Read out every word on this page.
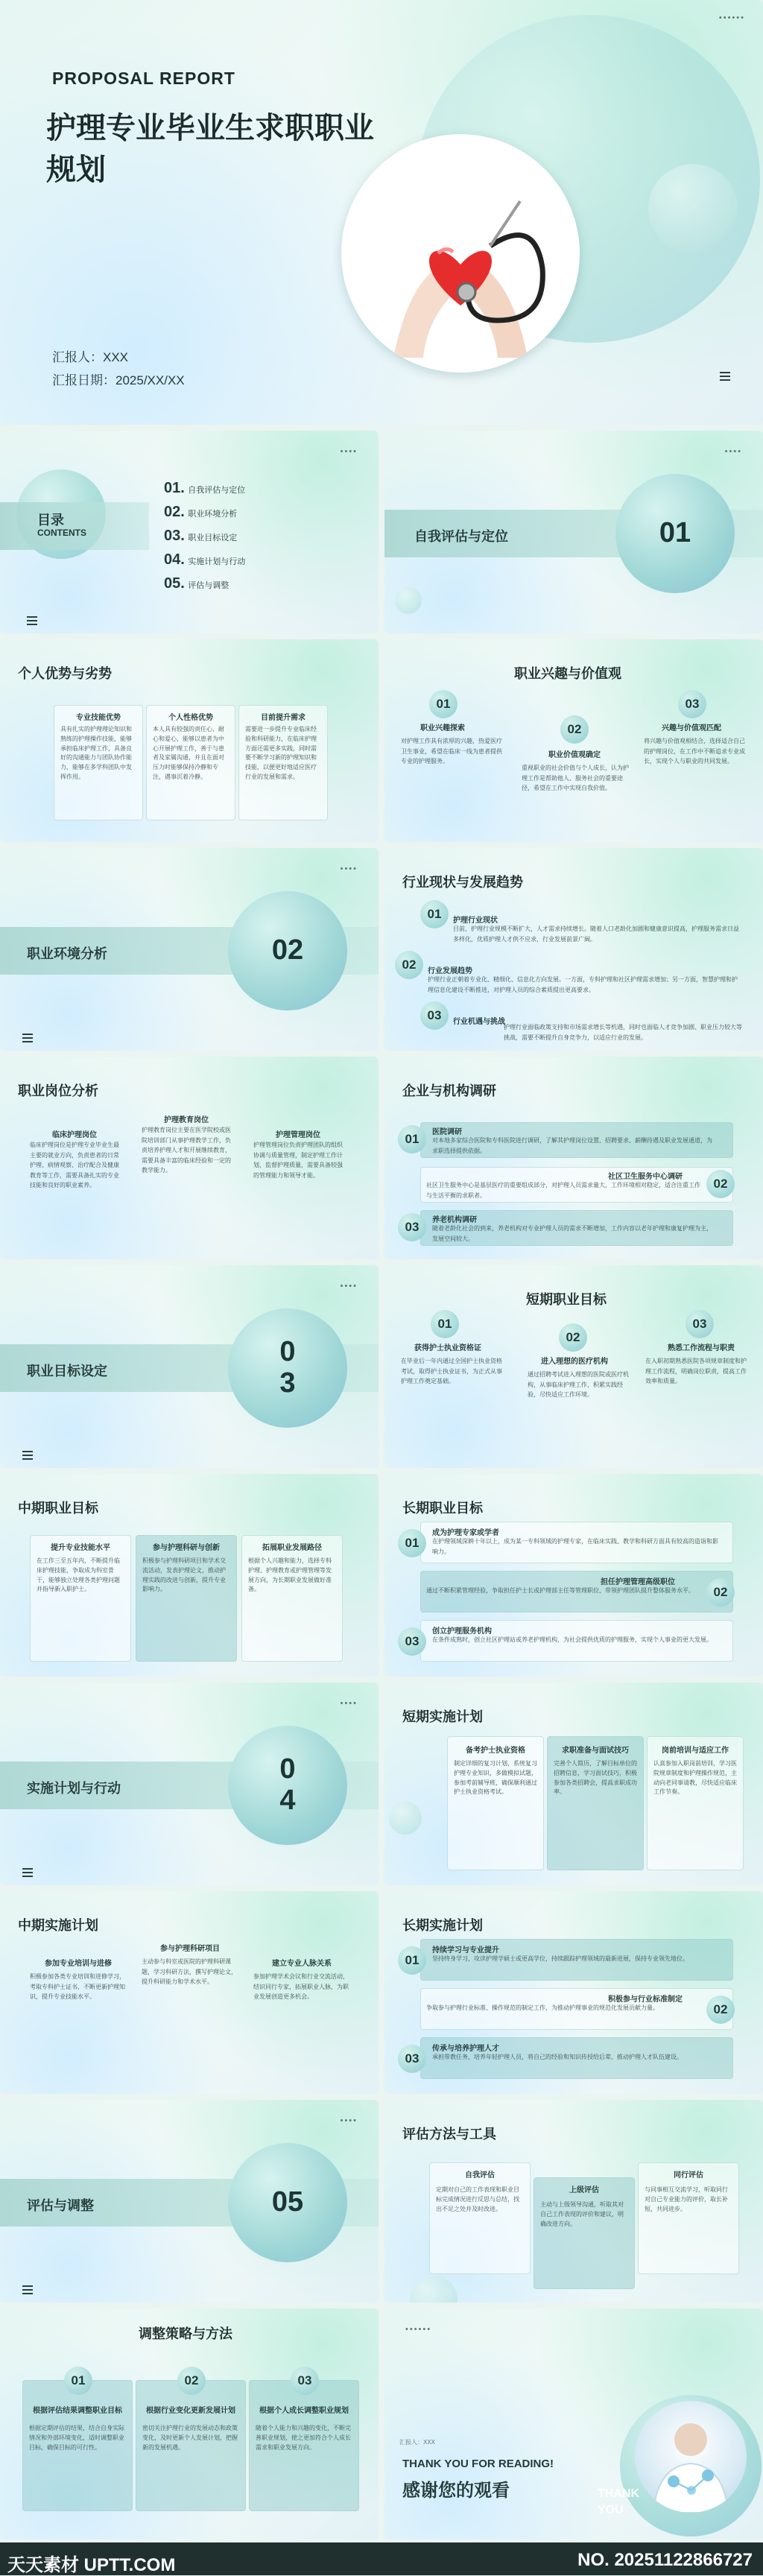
••••••
PROPOSAL REPORT
护理专业毕业生求职职业
规划
汇报人：XXX
汇报日期：2025/XX/XX
目录
CONTENTS
••••
01. 自我评估与定位
02. 职业环境分析
03. 职业目标设定
04. 实施计划与行动
05. 评估与调整
01
自我评估与定位
••••
个人优势与劣势
具有扎实的护理理论知识和熟练的护理操作技能，能够承担临床护理工作，具备良好的沟通能力与团队协作能力，能够在多学科团队中发挥作用。
本人具有较强的责任心、耐心和爱心，能够以患者为中心开展护理工作，善于与患者及家属沟通，并且在面对压力时能够保持冷静和专注，遇事沉着冷静。
需要进一步提升专业临床经验和科研能力，在临床护理方面还需更多实践，同时需要不断学习新的护理知识和技能，以便更好地适应医疗行业的发展和需求。
专业技能优势	个人性格优势	目前提升需求
职业兴趣与价值观
01
02
03
职业兴趣探索
职业价值观确定
兴趣与价值观匹配
对护理工作具有浓厚的兴趣，热爱医疗卫生事业，希望在临床一线为患者提供专业的护理服务。
重视职业的社会价值与个人成长，认为护理工作是帮助他人、服务社会的重要途径，希望在工作中实现自我价值。
将兴趣与价值观相结合，选择适合自己的护理岗位，在工作中不断追求专业成长，实现个人与职业的共同发展。
02
职业环境分析
••••
行业现状与发展趋势
01
02
03
护理行业现状
行业发展趋势
行业机遇与挑战
目前，护理行业规模不断扩大，人才需求持续增长。随着人口老龄化加剧和健康意识提高，护理服务需求日益多样化，优质护理人才供不应求，行业发展前景广阔。
护理行业正朝着专业化、精细化、信息化方向发展。一方面，专科护理和社区护理需求增加；另一方面，智慧护理和护理信息化建设不断推进，对护理人员的综合素质提出更高要求。
护理行业面临政策支持和市场需求增长等机遇，同时也面临人才竞争加剧、职业压力较大等挑战，需要不断提升自身竞争力，以适应行业的发展。
职业岗位分析
临床护理岗位
护理教育岗位
护理管理岗位
临床护理岗位是护理专业毕业生最主要的就业方向，负责患者的日常护理、病情观察、治疗配合及健康教育等工作，需要具备扎实的专业技能和良好的职业素养。
护理教育岗位主要在医学院校或医院培训部门从事护理教学工作，负责培养护理人才和开展继续教育，需要具备丰富的临床经验和一定的教学能力。
护理管理岗位负责护理团队的组织协调与质量管理，制定护理工作计划，监督护理质量，需要具备较强的管理能力和领导才能。
企业与机构调研
01
02
03
医院调研
社区卫生服务中心调研
养老机构调研
对本地多家综合医院和专科医院进行调研，了解其护理岗位设置、招聘要求、薪酬待遇及职业发展通道，为求职选择提供依据。
社区卫生服务中心是基层医疗的重要组成部分，对护理人员需求量大，工作环境相对稳定，适合注重工作与生活平衡的求职者。
随着老龄化社会的到来，养老机构对专业护理人员的需求不断增加，工作内容以老年护理和康复护理为主，发展空间较大。
0
3
职业目标设定
••••
短期职业目标
01
02
03
获得护士执业资格证
进入理想的医疗机构
熟悉工作流程与职责
在毕业后一年内通过全国护士执业资格考试，取得护士执业证书，为正式从事护理工作奠定基础。
通过招聘考试进入理想的医院或医疗机构，从事临床护理工作，积累实践经验，尽快适应工作环境。
在入职初期熟悉医院各项规章制度和护理工作流程，明确岗位职责，提高工作效率和质量。
中期职业目标
在工作三至五年内，不断提升临床护理技能，争取成为科室骨干，能够独立处理各类护理问题并指导新入职护士。
积极参与护理科研项目和学术交流活动，发表护理论文，推动护理实践的改进与创新，提升专业影响力。
根据个人兴趣和能力，选择专科护理、护理教育或护理管理等发展方向，为长期职业发展做好准备。
提升专业技能水平	参与护理科研与创新	拓展职业发展路径
长期职业目标
01
02
03
成为护理专家或学者
担任护理管理高级职位
创立护理服务机构
在护理领域深耕十年以上，成为某一专科领域的护理专家，在临床实践、教学和科研方面具有较高的造诣和影响力。
通过不断积累管理经验，争取担任护士长或护理部主任等管理职位，带领护理团队提升整体服务水平。
在条件成熟时，创立社区护理站或养老护理机构，为社会提供优质的护理服务，实现个人事业的更大发展。
0
4
实施计划与行动
••••
短期实施计划
制定详细的复习计划，系统复习护理专业知识，多做模拟试题，参加考前辅导班，确保顺利通过护士执业资格考试。
完善个人简历，了解目标单位的招聘信息，学习面试技巧，积极参加各类招聘会，提高求职成功率。
认真参加入职岗前培训，学习医院规章制度和护理操作规范，主动向老同事请教，尽快适应临床工作节奏。
备考护士执业资格	求职准备与面试技巧	岗前培训与适应工作
中期实施计划
参加专业培训与进修
参与护理科研项目
建立专业人脉关系
积极参加各类专业培训和进修学习，考取专科护士证书，不断更新护理知识，提升专业技能水平。
主动参与科室或医院的护理科研课题，学习科研方法，撰写护理论文，提升科研能力和学术水平。
参加护理学术会议和行业交流活动，结识同行专家，拓展职业人脉，为职业发展创造更多机会。
长期实施计划
01
02
03
持续学习与专业提升
积极参与行业标准制定
传承与培养护理人才
坚持终身学习，攻读护理学硕士或更高学位，持续跟踪护理领域的最新进展，保持专业领先地位。
争取参与护理行业标准、操作规范的制定工作，为推动护理事业的规范化发展贡献力量。
承担带教任务，培养年轻护理人员，将自己的经验和知识传授给后辈，推动护理人才队伍建设。
05
评估与调整
••••
评估方法与工具
定期对自己的工作表现和职业目标完成情况进行反思与总结，找出不足之处并及时改进。
主动与上级领导沟通，听取其对自己工作表现的评价和建议，明确改进方向。
与同事相互交流学习，听取同行对自己专业能力的评价，取长补短，共同进步。
自我评估
上级评估
同行评估
调整策略与方法
根据定期评估的结果，结合自身实际情况和外部环境变化，适时调整职业目标，确保目标的可行性。
密切关注护理行业的发展动态和政策变化，及时更新个人发展计划，把握新的发展机遇。
随着个人能力和兴趣的变化，不断完善职业规划，使之更加符合个人成长需求和职业发展方向。
01	02	03
根据评估结果调整职业目标	根据行业变化更新发展计划	根据个人成长调整职业规划
••••••
THANK YOU FOR READING!
感谢您的观看
汇报人：XXX
THANK
YOU
天天素材 UPTT.COM	NO. 20251122866727
